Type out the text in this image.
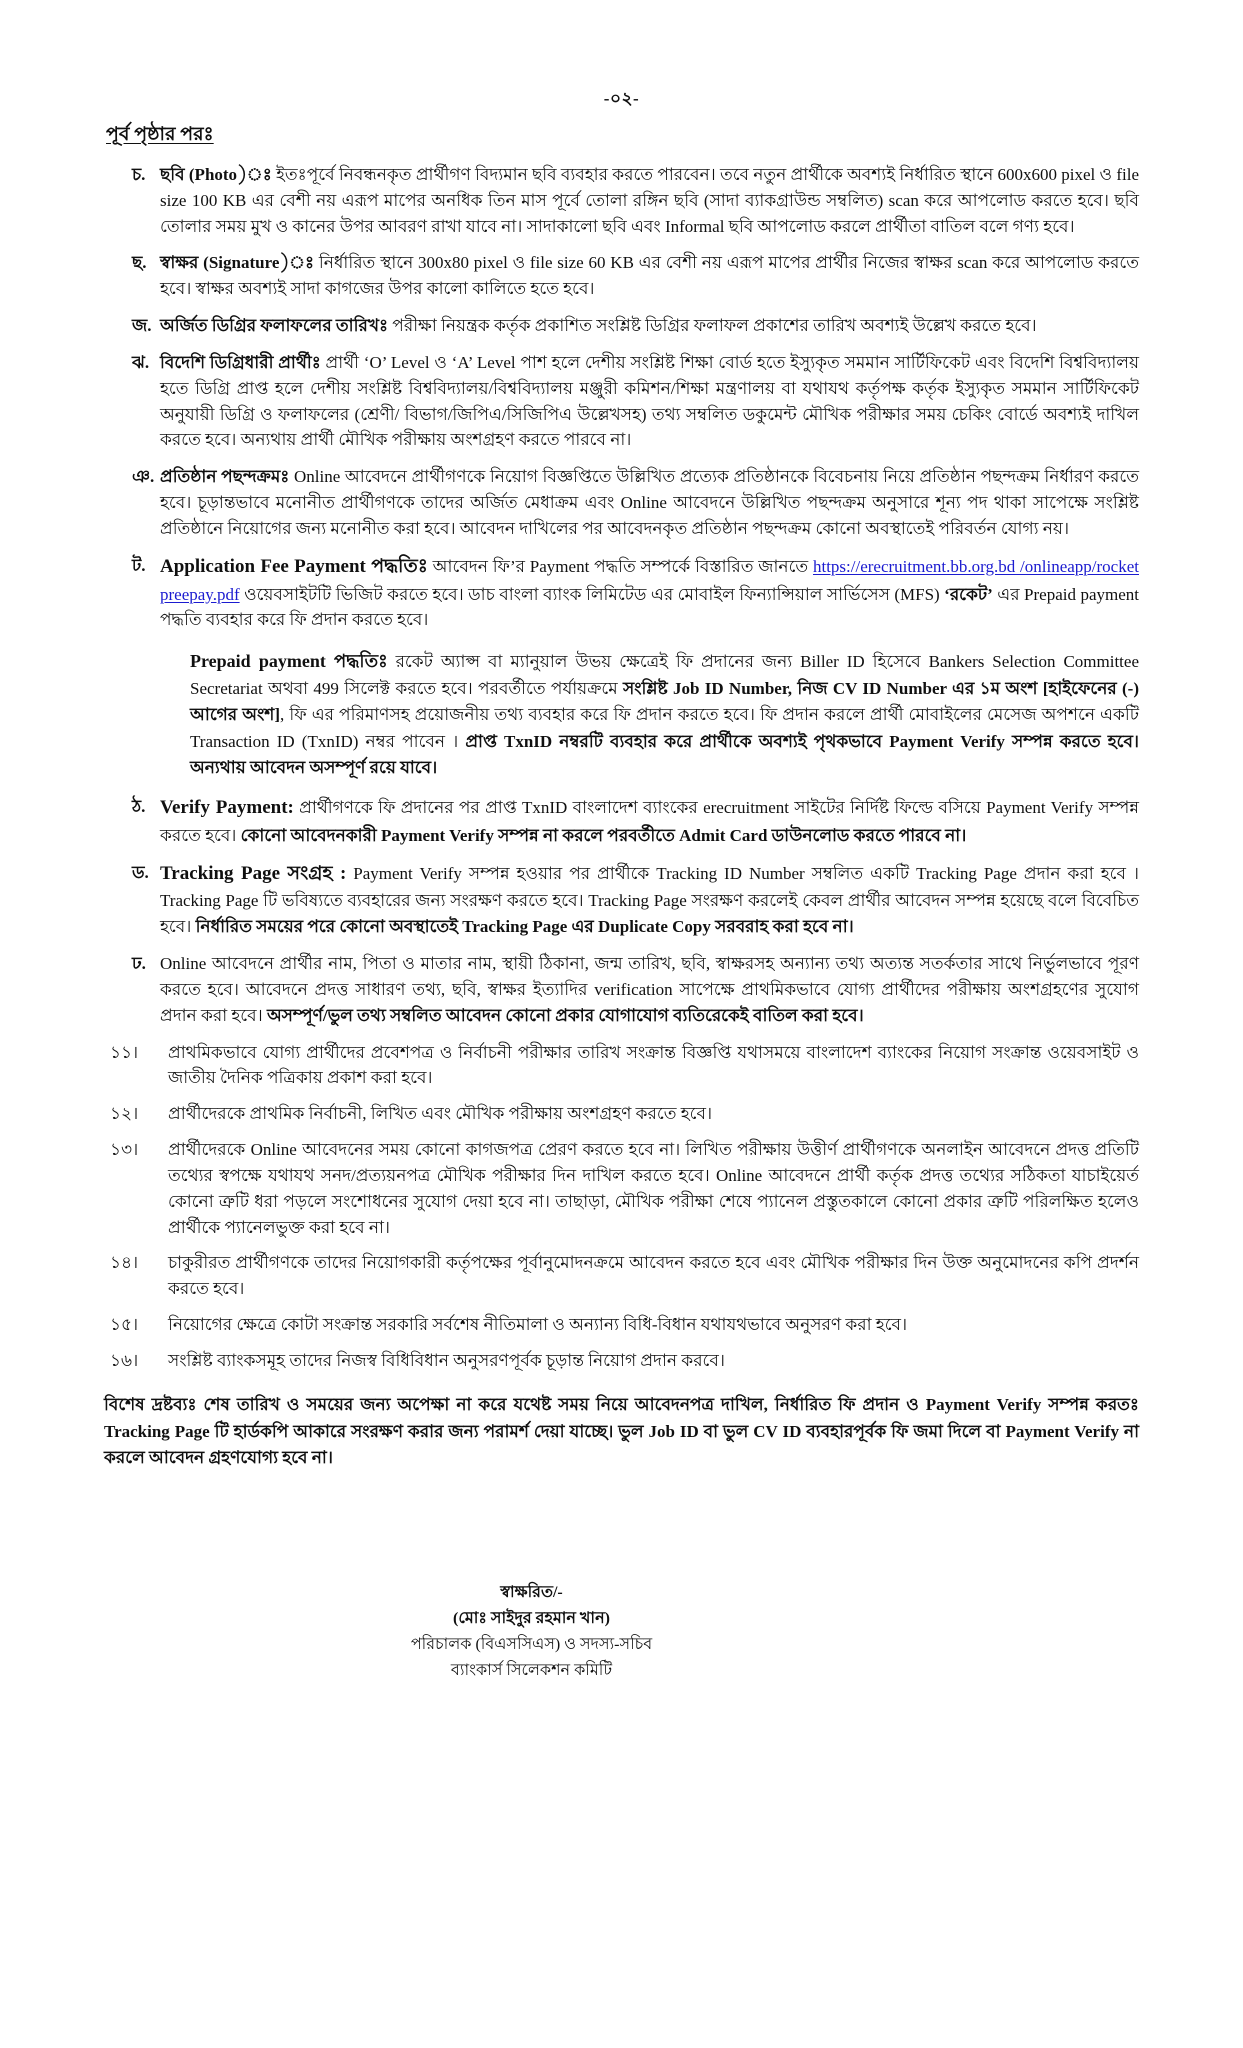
-০২-
পূর্ব পৃষ্ঠার পরঃ
চ. ছবি (Photo)ঃ ইতঃপূর্বে নিবন্ধনকৃত প্রার্থীগণ বিদ্যমান ছবি ব্যবহার করতে পারবেন। তবে নতুন প্রার্থীকে অবশ্যই নির্ধারিত স্থানে 600x600 pixel ও file size 100 KB এর বেশী নয় এরূপ মাপের অনধিক তিন মাস পূর্বে তোলা রঙ্গিন ছবি (সাদা ব্যাকগ্রাউন্ড সম্বলিত) scan করে আপলোড করতে হবে। ছবি তোলার সময় মুখ ও কানের উপর আবরণ রাখা যাবে না। সাদাকালো ছবি এবং Informal ছবি আপলোড করলে প্রার্থীতা বাতিল বলে গণ্য হবে।
ছ. স্বাক্ষর (Signature)ঃ নির্ধারিত স্থানে 300x80 pixel ও file size 60 KB এর বেশী নয় এরূপ মাপের প্রার্থীর নিজের স্বাক্ষর scan করে আপলোড করতে হবে। স্বাক্ষর অবশ্যই সাদা কাগজের উপর কালো কালিতে হতে হবে।
জ. অর্জিত ডিগ্রির ফলাফলের তারিখঃ পরীক্ষা নিয়ন্ত্রক কর্তৃক প্রকাশিত সংশ্লিষ্ট ডিগ্রির ফলাফল প্রকাশের তারিখ অবশ্যই উল্লেখ করতে হবে।
ঝ. বিদেশি ডিগ্রিধারী প্রার্থীঃ প্রার্থী ‘O’ Level ও ‘A’ Level পাশ হলে দেশীয় সংশ্লিষ্ট শিক্ষা বোর্ড হতে ইস্যুকৃত সমমান সার্টিফিকেট এবং বিদেশি বিশ্ববিদ্যালয় হতে ডিগ্রি প্রাপ্ত হলে দেশীয় সংশ্লিষ্ট বিশ্ববিদ্যালয়/বিশ্ববিদ্যালয় মঞ্জুরী কমিশন/শিক্ষা মন্ত্রণালয় বা যথাযথ কর্তৃপক্ষ কর্তৃক ইস্যুকৃত সমমান সার্টিফিকেট অনুযায়ী ডিগ্রি ও ফলাফলের (শ্রেণী/ বিভাগ/জিপিএ/সিজিপিএ উল্লেখসহ) তথ্য সম্বলিত ডকুমেন্ট মৌখিক পরীক্ষার সময় চেকিং বোর্ডে অবশ্যই দাখিল করতে হবে। অন্যথায় প্রার্থী মৌখিক পরীক্ষায় অংশগ্রহণ করতে পারবে না।
ঞ. প্রতিষ্ঠান পছন্দক্রমঃ Online আবেদনে প্রার্থীগণকে নিয়োগ বিজ্ঞপ্তিতে উল্লিখিত প্রত্যেক প্রতিষ্ঠানকে বিবেচনায় নিয়ে প্রতিষ্ঠান পছন্দক্রম নির্ধারণ করতে হবে। চূড়ান্তভাবে মনোনীত প্রার্থীগণকে তাদের অর্জিত মেধাক্রম এবং Online আবেদনে উল্লিখিত পছন্দক্রম অনুসারে শূন্য পদ থাকা সাপেক্ষে সংশ্লিষ্ট প্রতিষ্ঠানে নিয়োগের জন্য মনোনীত করা হবে। আবেদন দাখিলের পর আবেদনকৃত প্রতিষ্ঠান পছন্দক্রম কোনো অবস্থাতেই পরিবর্তন যোগ্য নয়।
ট. Application Fee Payment পদ্ধতিঃ আবেদন ফি’র Payment পদ্ধতি সম্পর্কে বিস্তারিত জানতে https://erecruitment.bb.org.bd /onlineapp/rocketpreepay.pdf ওয়েবসাইটটি ভিজিট করতে হবে। ডাচ বাংলা ব্যাংক লিমিটেড এর মোবাইল ফিন্যান্সিয়াল সার্ভিসেস (MFS) ‘রকেট’ এর Prepaid payment পদ্ধতি ব্যবহার করে ফি প্রদান করতে হবে।
Prepaid payment পদ্ধতিঃ রকেট অ্যাপ্স বা ম্যানুয়াল উভয় ক্ষেত্রেই ফি প্রদানের জন্য Biller ID হিসেবে Bankers Selection Committee Secretariat অথবা 499 সিলেক্ট করতে হবে। পরবর্তীতে পর্যায়ক্রমে সংশ্লিষ্ট Job ID Number, নিজ CV ID Number এর ১ম অংশ [হাইফেনের (-) আগের অংশ], ফি এর পরিমাণসহ প্রয়োজনীয় তথ্য ব্যবহার করে ফি প্রদান করতে হবে। ফি প্রদান করলে প্রার্থী মোবাইলের মেসেজ অপশনে একটি Transaction ID (TxnID) নম্বর পাবেন । প্রাপ্ত TxnID নম্বরটি ব্যবহার করে প্রার্থীকে অবশ্যই পৃথকভাবে Payment Verify সম্পন্ন করতে হবে। অন্যথায় আবেদন অসম্পূর্ণ রয়ে যাবে।
ঠ. Verify Payment: প্রার্থীগণকে ফি প্রদানের পর প্রাপ্ত TxnID বাংলাদেশ ব্যাংকের erecruitment সাইটের নির্দিষ্ট ফিল্ডে বসিয়ে Payment Verify সম্পন্ন করতে হবে। কোনো আবেদনকারী Payment Verify সম্পন্ন না করলে পরবর্তীতে Admit Card ডাউনলোড করতে পারবে না।
ড. Tracking Page সংগ্রহ : Payment Verify সম্পন্ন হওয়ার পর প্রার্থীকে Tracking ID Number সম্বলিত একটি Tracking Page প্রদান করা হবে । Tracking Page টি ভবিষ্যতে ব্যবহারের জন্য সংরক্ষণ করতে হবে। Tracking Page সংরক্ষণ করলেই কেবল প্রার্থীর আবেদন সম্পন্ন হয়েছে বলে বিবেচিত হবে। নির্ধারিত সময়ের পরে কোনো অবস্থাতেই Tracking Page এর Duplicate Copy সরবরাহ করা হবে না।
ঢ. Online আবেদনে প্রার্থীর নাম, পিতা ও মাতার নাম, স্থায়ী ঠিকানা, জন্ম তারিখ, ছবি, স্বাক্ষরসহ অন্যান্য তথ্য অত্যন্ত সতর্কতার সাথে নির্ভুলভাবে পূরণ করতে হবে। আবেদনে প্রদত্ত সাধারণ তথ্য, ছবি, স্বাক্ষর ইত্যাদির verification সাপেক্ষে প্রাথমিকভাবে যোগ্য প্রার্থীদের পরীক্ষায় অংশগ্রহণের সুযোগ প্রদান করা হবে। অসম্পূর্ণ/ভুল তথ্য সম্বলিত আবেদন কোনো প্রকার যোগাযোগ ব্যতিরেকেই বাতিল করা হবে।
১১।	প্রাথমিকভাবে যোগ্য প্রার্থীদের প্রবেশপত্র ও নির্বাচনী পরীক্ষার তারিখ সংক্রান্ত বিজ্ঞপ্তি যথাসময়ে বাংলাদেশ ব্যাংকের নিয়োগ সংক্রান্ত ওয়েবসাইট ও জাতীয় দৈনিক পত্রিকায় প্রকাশ করা হবে।
১২।	প্রার্থীদেরকে প্রাথমিক নির্বাচনী, লিখিত এবং মৌখিক পরীক্ষায় অংশগ্রহণ করতে হবে।
১৩।	প্রার্থীদেরকে Online আবেদনের সময় কোনো কাগজপত্র প্রেরণ করতে হবে না। লিখিত পরীক্ষায় উত্তীর্ণ প্রার্থীগণকে অনলাইন আবেদনে প্রদত্ত প্রতিটি তথ্যের স্বপক্ষে যথাযথ সনদ/প্রত্যয়নপত্র মৌখিক পরীক্ষার দিন দাখিল করতে হবে। Online আবেদনে প্রার্থী কর্তৃক প্রদত্ত তথ্যের সঠিকতা যাচাইয়ের্ত কোনো ত্রুটি ধরা পড়লে সংশোধনের সুযোগ দেয়া হবে না। তাছাড়া, মৌখিক পরীক্ষা শেষে প্যানেল প্রস্তুতকালে কোনো প্রকার ত্রুটি পরিলক্ষিত হলেও প্রার্থীকে প্যানেলভুক্ত করা হবে না।
১৪।	চাকুরীরত প্রার্থীগণকে তাদের নিয়োগকারী কর্তৃপক্ষের পূর্বানুমোদনক্রমে আবেদন করতে হবে এবং মৌখিক পরীক্ষার দিন উক্ত অনুমোদনের কপি প্রদর্শন করতে হবে।
১৫।	নিয়োগের ক্ষেত্রে কোটা সংক্রান্ত সরকারি সর্বশেষ নীতিমালা ও অন্যান্য বিধি-বিধান যথাযথভাবে অনুসরণ করা হবে।
১৬।	সংশ্লিষ্ট ব্যাংকসমূহ তাদের নিজস্ব বিধিবিধান অনুসরণপূর্বক চূড়ান্ত নিয়োগ প্রদান করবে।
বিশেষ দ্রষ্টব্যঃ শেষ তারিখ ও সময়ের জন্য অপেক্ষা না করে যথেষ্ট সময় নিয়ে আবেদনপত্র দাখিল, নির্ধারিত ফি প্রদান ও Payment Verify সম্পন্ন করতঃ Tracking Page টি হার্ডকপি আকারে সংরক্ষণ করার জন্য পরামর্শ দেয়া যাচ্ছে। ভুল Job ID বা ভুল CV ID ব্যবহারপূর্বক ফি জমা দিলে বা Payment Verify না করলে আবেদন গ্রহণযোগ্য হবে না।
স্বাক্ষরিত/-
(মোঃ সাইদুর রহমান খান)
পরিচালক (বিএসসিএস) ও সদস্য-সচিব
ব্যাংকার্স সিলেকশন কমিটি
